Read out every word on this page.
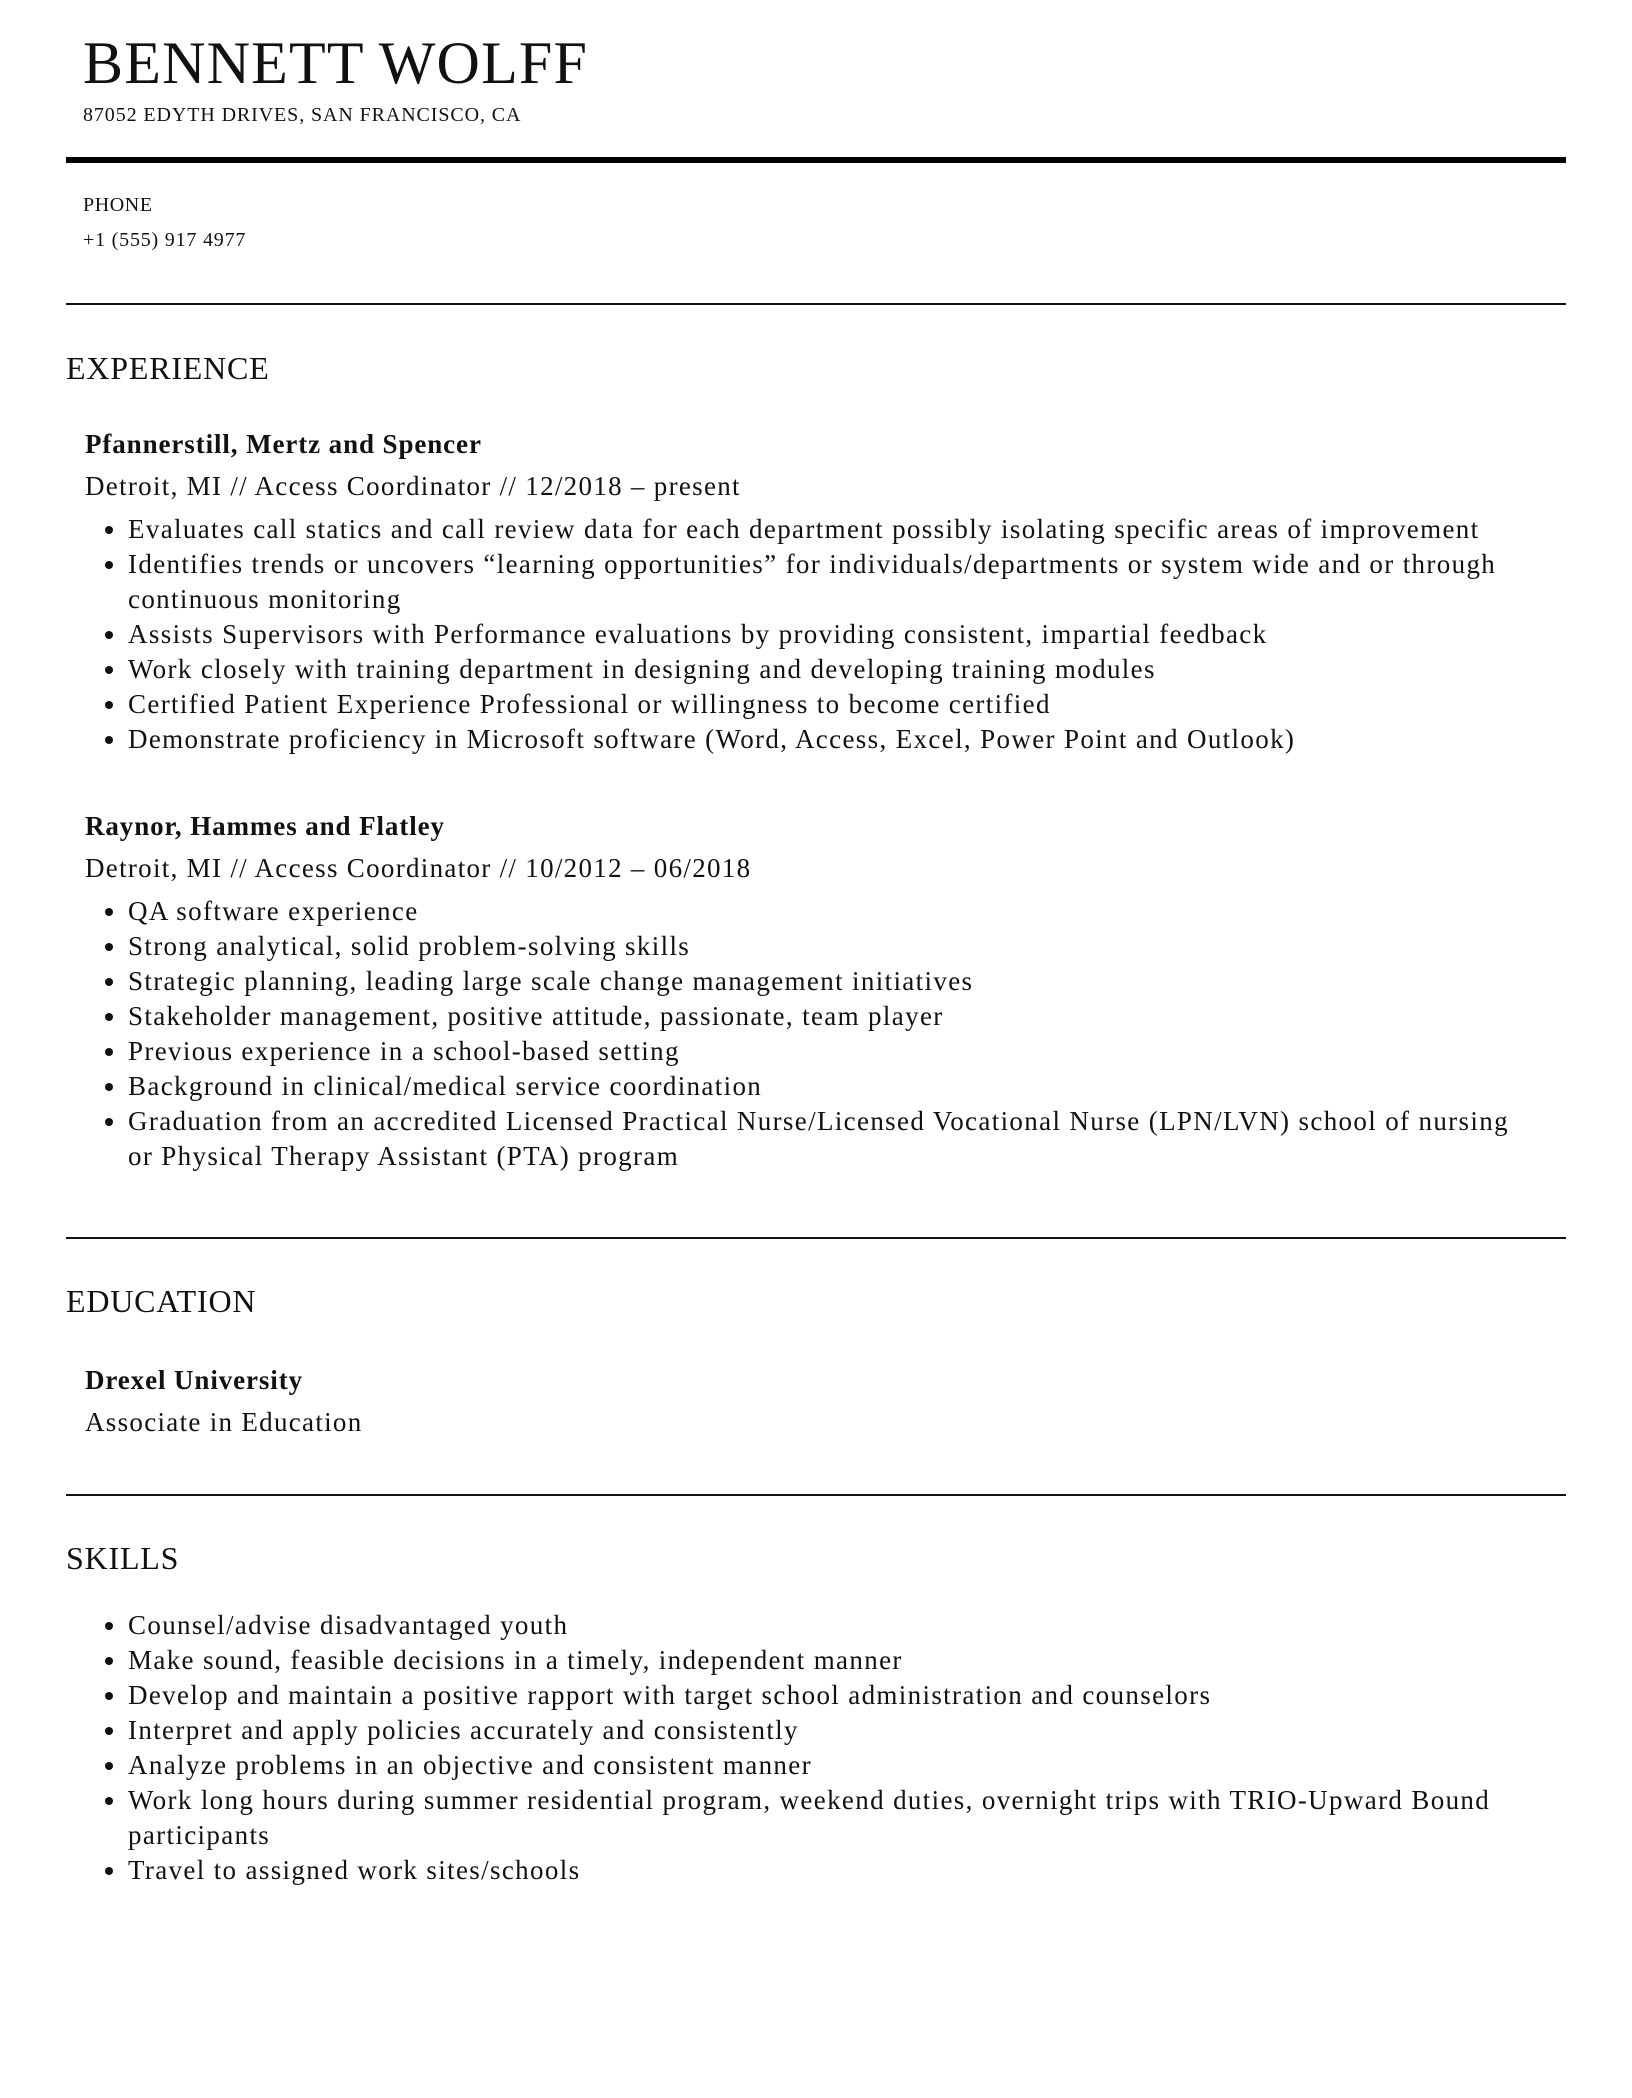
BENNETT WOLFF
87052 EDYTH DRIVES, SAN FRANCISCO, CA
PHONE
+1 (555) 917 4977
EXPERIENCE
Pfannerstill, Mertz and Spencer
Detroit, MI // Access Coordinator // 12/2018 – present
Evaluates call statics and call review data for each department possibly isolating specific areas of improvement
Identifies trends or uncovers “learning opportunities” for individuals/departments or system wide and or through continuous monitoring
Assists Supervisors with Performance evaluations by providing consistent, impartial feedback
Work closely with training department in designing and developing training modules
Certified Patient Experience Professional or willingness to become certified
Demonstrate proficiency in Microsoft software (Word, Access, Excel, Power Point and Outlook)
Raynor, Hammes and Flatley
Detroit, MI // Access Coordinator // 10/2012 – 06/2018
QA software experience
Strong analytical, solid problem-solving skills
Strategic planning, leading large scale change management initiatives
Stakeholder management, positive attitude, passionate, team player
Previous experience in a school-based setting
Background in clinical/medical service coordination
Graduation from an accredited Licensed Practical Nurse/Licensed Vocational Nurse (LPN/LVN) school of nursing or Physical Therapy Assistant (PTA) program
EDUCATION
Drexel University
Associate in Education
SKILLS
Counsel/advise disadvantaged youth
Make sound, feasible decisions in a timely, independent manner
Develop and maintain a positive rapport with target school administration and counselors
Interpret and apply policies accurately and consistently
Analyze problems in an objective and consistent manner
Work long hours during summer residential program, weekend duties, overnight trips with TRIO-Upward Bound participants
Travel to assigned work sites/schools
